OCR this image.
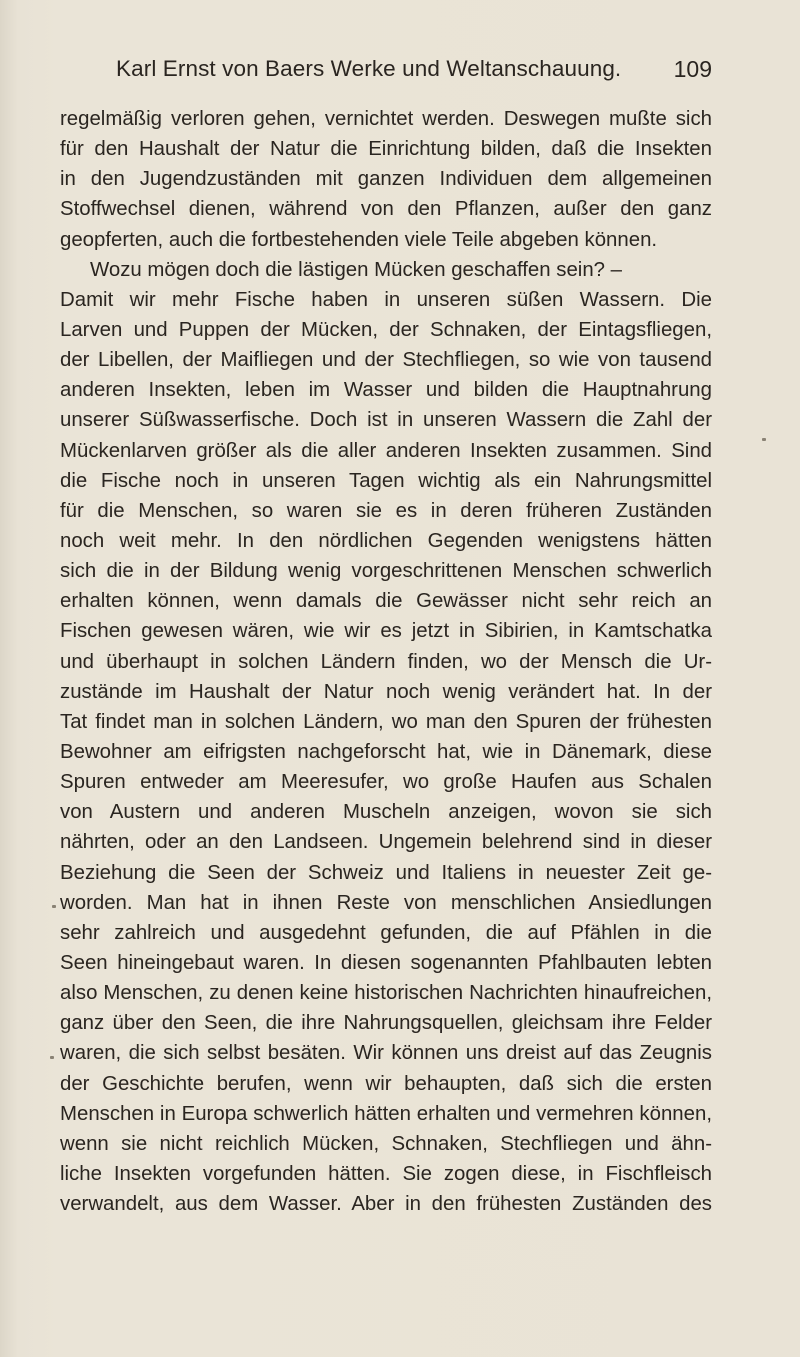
Karl Ernst von Baers Werke und Weltanschauung. 109
regelmäßig verloren gehen, vernichtet werden. Deswegen mußte sich
für den Haushalt der Natur die Einrichtung bilden, daß die Insekten
in den Jugendzuständen mit ganzen Individuen dem allgemeinen
Stoffwechsel dienen, während von den Pflanzen, außer den ganz
geopferten, auch die fortbestehenden viele Teile abgeben können.
Wozu mögen doch die lästigen Mücken geschaffen sein? –
Damit wir mehr Fische haben in unseren süßen Wassern. Die
Larven und Puppen der Mücken, der Schnaken, der Eintagsfliegen,
der Libellen, der Maifliegen und der Stechfliegen, so wie von tausend
anderen Insekten, leben im Wasser und bilden die Hauptnahrung
unserer Süßwasserfische. Doch ist in unseren Wassern die Zahl der
Mückenlarven größer als die aller anderen Insekten zusammen. Sind
die Fische noch in unseren Tagen wichtig als ein Nahrungsmittel
für die Menschen, so waren sie es in deren früheren Zuständen
noch weit mehr. In den nördlichen Gegenden wenigstens hätten
sich die in der Bildung wenig vorgeschrittenen Menschen schwerlich
erhalten können, wenn damals die Gewässer nicht sehr reich an
Fischen gewesen wären, wie wir es jetzt in Sibirien, in Kamtschatka
und überhaupt in solchen Ländern finden, wo der Mensch die Ur-
zustände im Haushalt der Natur noch wenig verändert hat. In der
Tat findet man in solchen Ländern, wo man den Spuren der frühesten
Bewohner am eifrigsten nachgeforscht hat, wie in Dänemark, diese
Spuren entweder am Meeresufer, wo große Haufen aus Schalen
von Austern und anderen Muscheln anzeigen, wovon sie sich
nährten, oder an den Landseen. Ungemein belehrend sind in dieser
Beziehung die Seen der Schweiz und Italiens in neuester Zeit ge-
worden. Man hat in ihnen Reste von menschlichen Ansiedlungen
sehr zahlreich und ausgedehnt gefunden, die auf Pfählen in die
Seen hineingebaut waren. In diesen sogenannten Pfahlbauten lebten
also Menschen, zu denen keine historischen Nachrichten hinaufreichen,
ganz über den Seen, die ihre Nahrungsquellen, gleichsam ihre Felder
waren, die sich selbst besäten. Wir können uns dreist auf das Zeugnis
der Geschichte berufen, wenn wir behaupten, daß sich die ersten
Menschen in Europa schwerlich hätten erhalten und vermehren können,
wenn sie nicht reichlich Mücken, Schnaken, Stechfliegen und ähn-
liche Insekten vorgefunden hätten. Sie zogen diese, in Fischfleisch
verwandelt, aus dem Wasser. Aber in den frühesten Zuständen des
